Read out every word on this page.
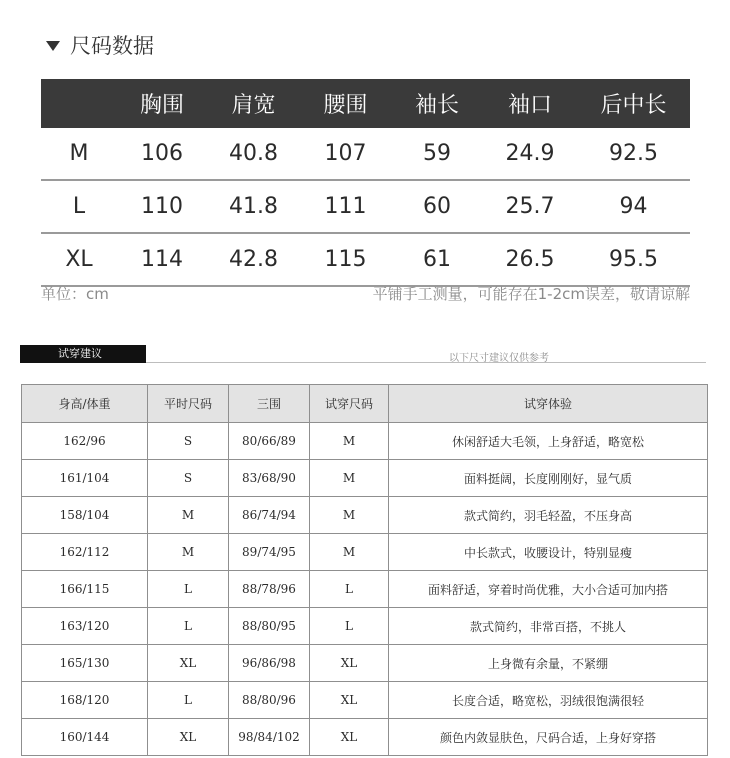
尺码数据
	胸围	肩宽	腰围	袖长	袖口	后中长
M	106	40.8	107	59	24.9	92.5
L	110	41.8	111	60	25.7	94
XL	114	42.8	115	61	26.5	95.5
单位：cm	平铺手工测量，可能存在1-2cm误差，敬请谅解
试穿建议	以下尺寸建议仅供参考
身高/体重	平时尺码	三围	试穿尺码	试穿体验
162/96	S	80/66/89	M	休闲舒适大毛领，上身舒适，略宽松
161/104	S	83/68/90	M	面料挺阔，长度刚刚好，显气质
158/104	M	86/74/94	M	款式简约，羽毛轻盈，不压身高
162/112	M	89/74/95	M	中长款式，收腰设计，特别显瘦
166/115	L	88/78/96	L	面料舒适，穿着时尚优雅，大小合适可加内搭
163/120	L	88/80/95	L	款式简约，非常百搭，不挑人
165/130	XL	96/86/98	XL	上身微有余量，不紧绷
168/120	L	88/80/96	XL	长度合适，略宽松，羽绒很饱满很轻
160/144	XL	98/84/102	XL	颜色内敛显肤色，尺码合适，上身好穿搭
